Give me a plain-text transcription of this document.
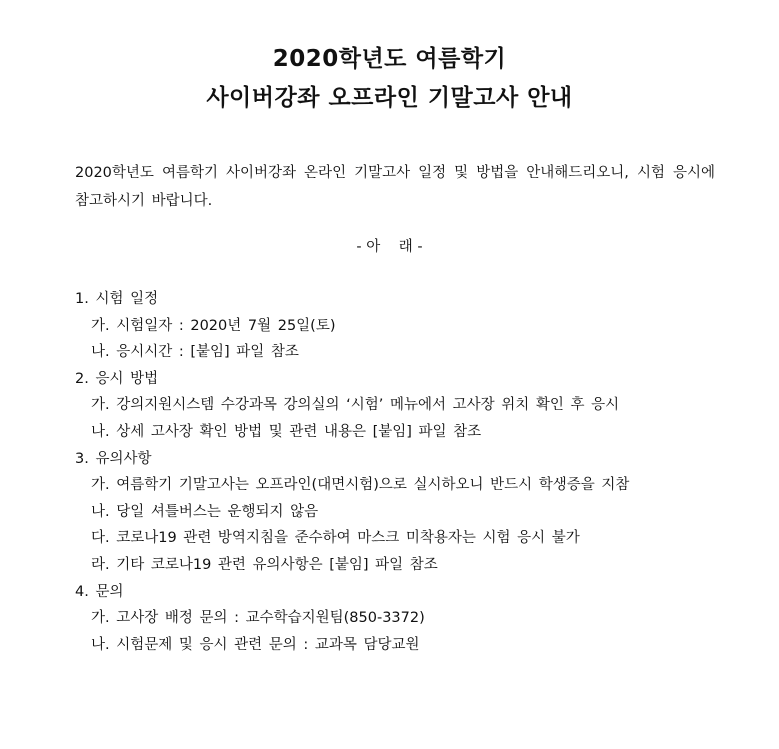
2020학년도 여름학기
사이버강좌 오프라인 기말고사 안내
2020학년도 여름학기 사이버강좌 온라인 기말고사 일정 및 방법을 안내해드리오니, 시험 응시에 참고하시기 바랍니다.
- 아    래 -
1. 시험 일정
가. 시험일자 : 2020년 7월 25일(토)
나. 응시시간 : [붙임] 파일 참조
2. 응시 방법
가. 강의지원시스템 수강과목 강의실의 ‘시험’ 메뉴에서 고사장 위치 확인 후 응시
나. 상세 고사장 확인 방법 및 관련 내용은 [붙임] 파일 참조
3. 유의사항
가. 여름학기 기말고사는 오프라인(대면시험)으로 실시하오니 반드시 학생증을 지참
나. 당일 셔틀버스는 운행되지 않음
다. 코로나19 관련 방역지침을 준수하여 마스크 미착용자는 시험 응시 불가
라. 기타 코로나19 관련 유의사항은 [붙임] 파일 참조
4. 문의
가. 고사장 배정 문의 : 교수학습지원팀(850-3372)
나. 시험문제 및 응시 관련 문의 : 교과목 담당교원
